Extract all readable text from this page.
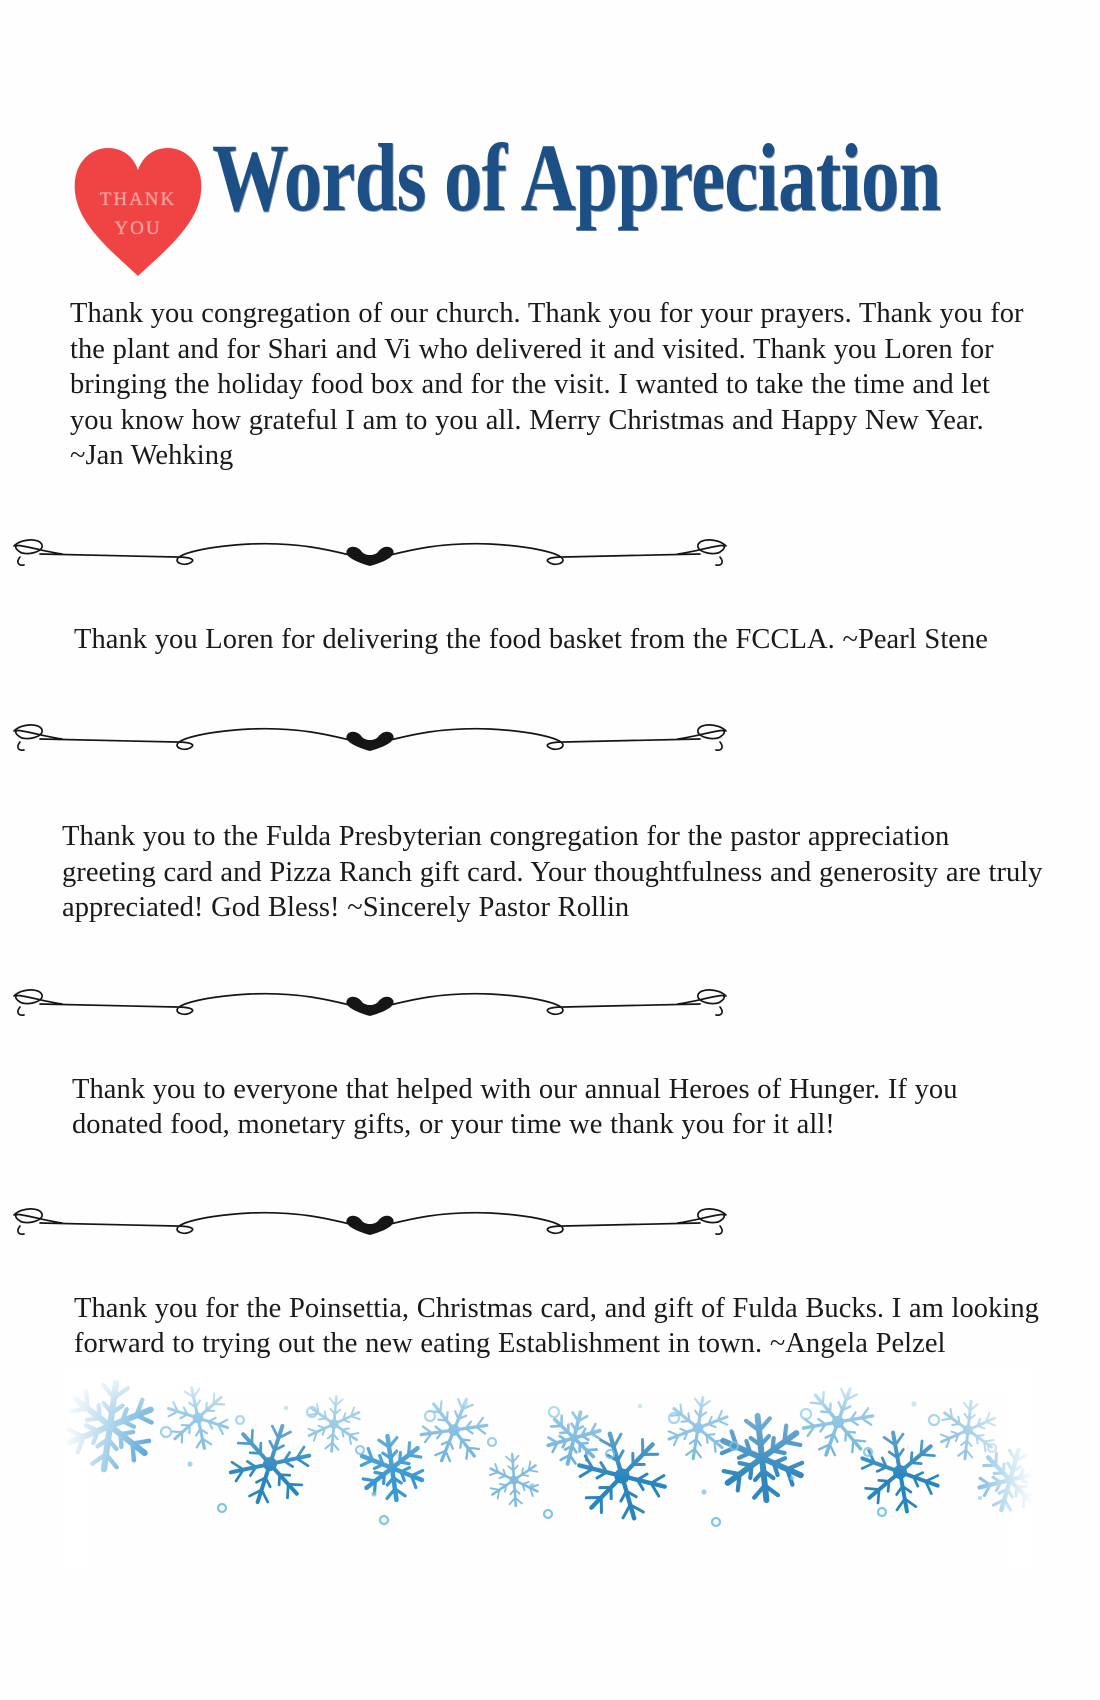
THANK
YOU Words of Appreciation

Thank you congregation of our church. Thank you for your prayers. Thank you for the plant and for Shari and Vi who delivered it and visited. Thank you Loren for bringing the holiday food box and for the visit. I wanted to take the time and let you know how grateful I am to you all. Merry Christmas and Happy New Year. ~Jan Wehking

Thank you Loren for delivering the food basket from the FCCLA. ~Pearl Stene

Thank you to the Fulda Presbyterian congregation for the pastor appreciation greeting card and Pizza Ranch gift card. Your thoughtfulness and generosity are truly appreciated! God Bless! ~Sincerely Pastor Rollin

Thank you to everyone that helped with our annual Heroes of Hunger. If you donated food, monetary gifts, or your time we thank you for it all!

Thank you for the Poinsettia, Christmas card, and gift of Fulda Bucks. I am looking forward to trying out the new eating Establishment in town. ~Angela Pelzel
